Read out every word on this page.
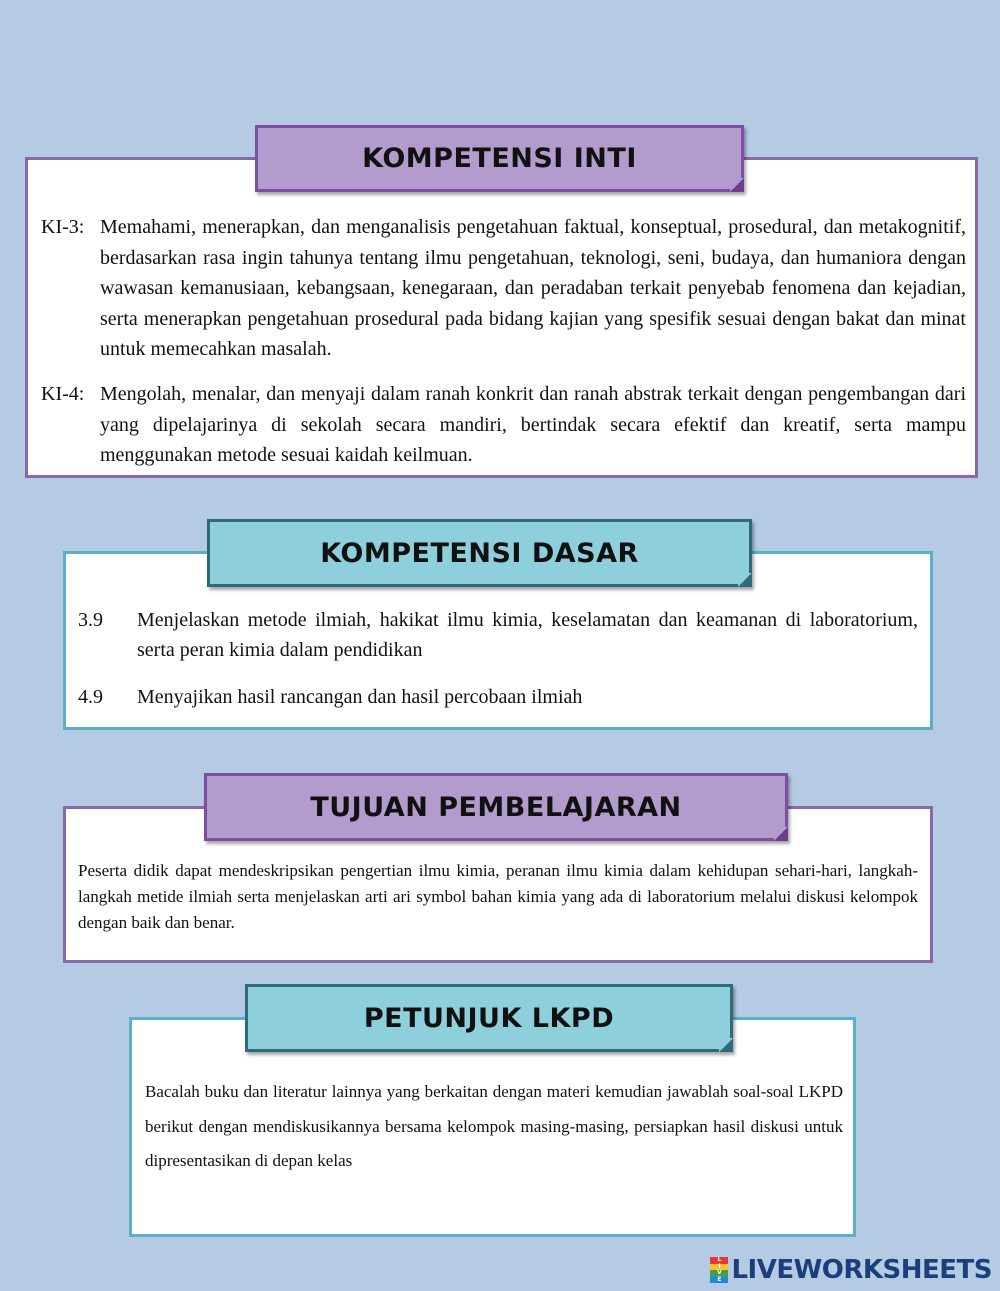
KI-3: Memahami, menerapkan, dan menganalisis pengetahuan faktual, konseptual, prosedural, dan metakognitif, berdasarkan rasa ingin tahunya tentang ilmu pengetahuan, teknologi, seni, budaya, dan humaniora dengan wawasan kemanusiaan, kebangsaan, kenegaraan, dan peradaban terkait penyebab fenomena dan kejadian, serta menerapkan pengetahuan prosedural pada bidang kajian yang spesifik sesuai dengan bakat dan minat untuk memecahkan masalah.
KI-4: Mengolah, menalar, dan menyaji dalam ranah konkrit dan ranah abstrak terkait dengan pengembangan dari yang dipelajarinya di sekolah secara mandiri, bertindak secara efektif dan kreatif, serta mampu menggunakan metode sesuai kaidah keilmuan.
KOMPETENSI INTI
3.9	Menjelaskan metode ilmiah, hakikat ilmu kimia, keselamatan dan keamanan di laboratorium, serta peran kimia dalam pendidikan
4.9	Menyajikan hasil rancangan dan hasil percobaan ilmiah
KOMPETENSI DASAR
Peserta didik dapat mendeskripsikan pengertian ilmu kimia, peranan ilmu kimia dalam kehidupan sehari-hari, langkah-langkah metide ilmiah serta menjelaskan arti ari symbol bahan kimia yang ada di laboratorium melalui diskusi kelompok dengan baik dan benar.
TUJUAN PEMBELAJARAN
Bacalah buku dan literatur lainnya yang berkaitan dengan materi kemudian jawablah soal-soal LKPD berikut dengan mendiskusikannya bersama kelompok masing-masing, persiapkan hasil diskusi untuk dipresentasikan di depan kelas
PETUNJUK LKPD
L
I
V
E LIVEWORKSHEETS
